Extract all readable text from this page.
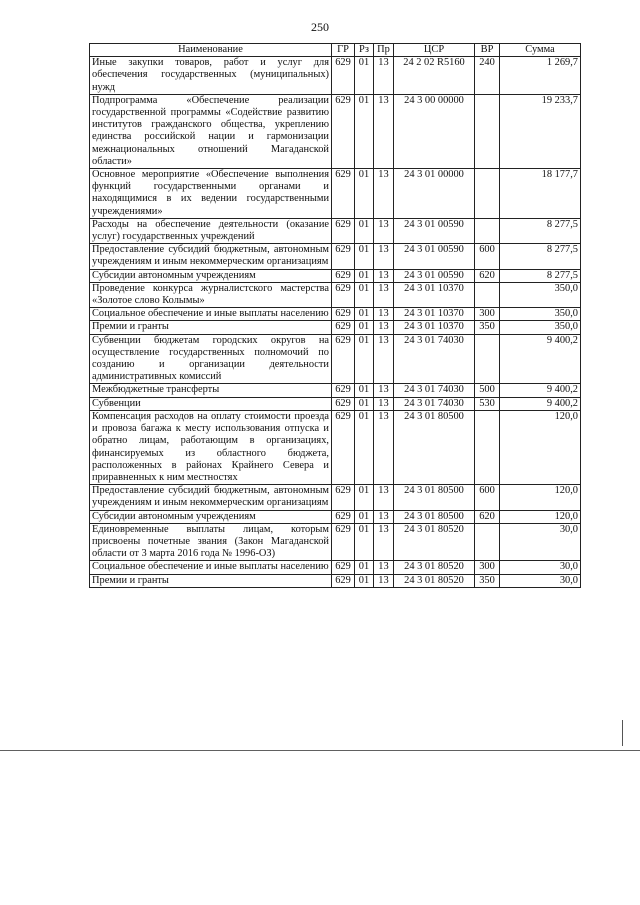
250
Наименование	ГР	Рз	Пр	ЦСР	ВР	Сумма
Иные закупки товаров, работ и услуг для обеспечения государственных (муниципальных) нужд	629	01	13	24 2 02 R5160	240	1 269,7
Подпрограмма «Обеспечение реализации государственной программы «Содействие развитию институтов гражданского общества, укреплению единства российской нации и гармонизации межнациональных отношений Магаданской области»	629	01	13	24 3 00 00000		19 233,7
Основное мероприятие «Обеспечение выполнения функций государственными органами и находящимися в их ведении государственными учреждениями»	629	01	13	24 3 01 00000		18 177,7
Расходы на обеспечение деятельности (оказание услуг) государственных учреждений	629	01	13	24 3 01 00590		8 277,5
Предоставление субсидий бюджетным, автономным учреждениям и иным некоммерческим организациям	629	01	13	24 3 01 00590	600	8 277,5
Субсидии автономным учреждениям	629	01	13	24 3 01 00590	620	8 277,5
Проведение конкурса журналистского мастерства «Золотое слово Колымы»	629	01	13	24 3 01 10370		350,0
Социальное обеспечение и иные выплаты населению	629	01	13	24 3 01 10370	300	350,0
Премии и гранты	629	01	13	24 3 01 10370	350	350,0
Субвенции бюджетам городских округов на осуществление государственных полномочий по созданию и организации деятельности административных комиссий	629	01	13	24 3 01 74030		9 400,2
Межбюджетные трансферты	629	01	13	24 3 01 74030	500	9 400,2
Субвенции	629	01	13	24 3 01 74030	530	9 400,2
Компенсация расходов на оплату стоимости проезда и провоза багажа к месту использования отпуска и обратно лицам, работающим в организациях, финансируемых из областного бюджета, расположенных в районах Крайнего Севера и приравненных к ним местностях	629	01	13	24 3 01 80500		120,0
Предоставление субсидий бюджетным, автономным учреждениям и иным некоммерческим организациям	629	01	13	24 3 01 80500	600	120,0
Субсидии автономным учреждениям	629	01	13	24 3 01 80500	620	120,0
Единовременные выплаты лицам, которым присвоены почетные звания (Закон Магаданской области от 3 марта 2016 года № 1996-ОЗ)	629	01	13	24 3 01 80520		30,0
Социальное обеспечение и иные выплаты населению	629	01	13	24 3 01 80520	300	30,0
Премии и гранты	629	01	13	24 3 01 80520	350	30,0
